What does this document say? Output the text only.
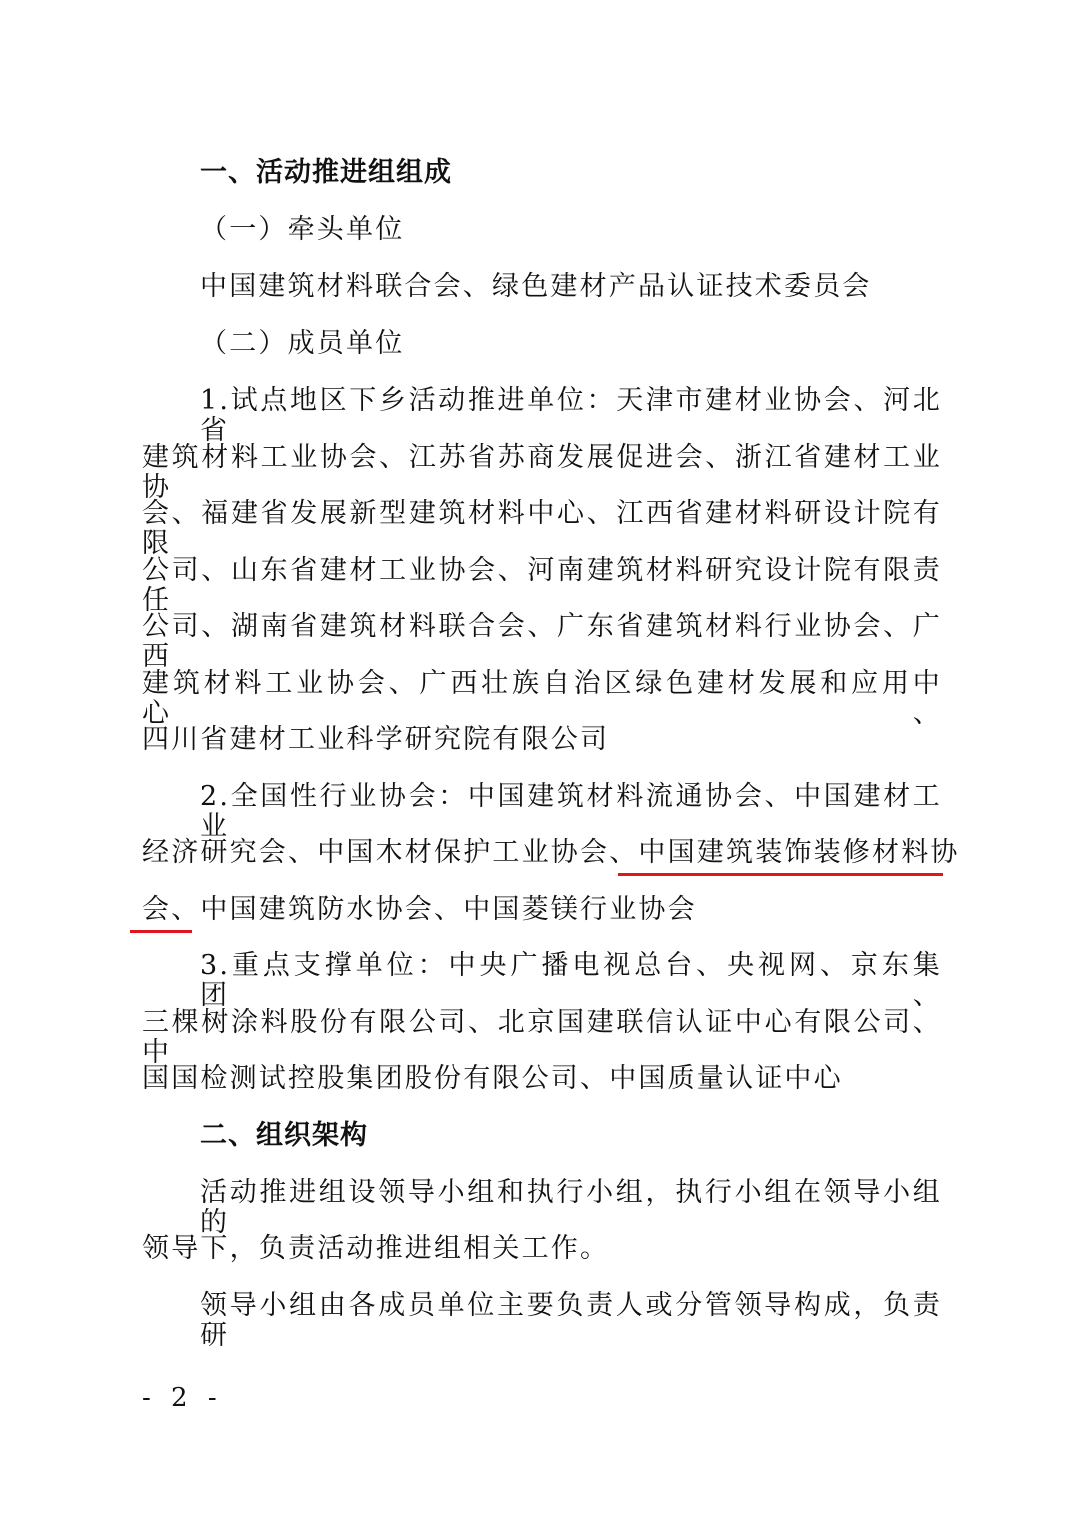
一、活动推进组组成
（一）牵头单位
中国建筑材料联合会、绿色建材产品认证技术委员会
（二）成员单位
1.试点地区下乡活动推进单位：天津市建材业协会、河北省
建筑材料工业协会、江苏省苏商发展促进会、浙江省建材工业协
会、福建省发展新型建筑材料中心、江西省建材料研设计院有限
公司、山东省建材工业协会、河南建筑材料研究设计院有限责任
公司、湖南省建筑材料联合会、广东省建筑材料行业协会、广西
建筑材料工业协会、广西壮族自治区绿色建材发展和应用中心、
四川省建材工业科学研究院有限公司
2.全国性行业协会：中国建筑材料流通协会、中国建材工业
经济研究会、中国木材保护工业协会、中国建筑装饰装修材料协
会、中国建筑防水协会、中国菱镁行业协会
3.重点支撑单位：中央广播电视总台、央视网、京东集团、
三棵树涂料股份有限公司、北京国建联信认证中心有限公司、中
国国检测试控股集团股份有限公司、中国质量认证中心
二、组织架构
活动推进组设领导小组和执行小组，执行小组在领导小组的
领导下，负责活动推进组相关工作。
领导小组由各成员单位主要负责人或分管领导构成，负责研
- 2 -
